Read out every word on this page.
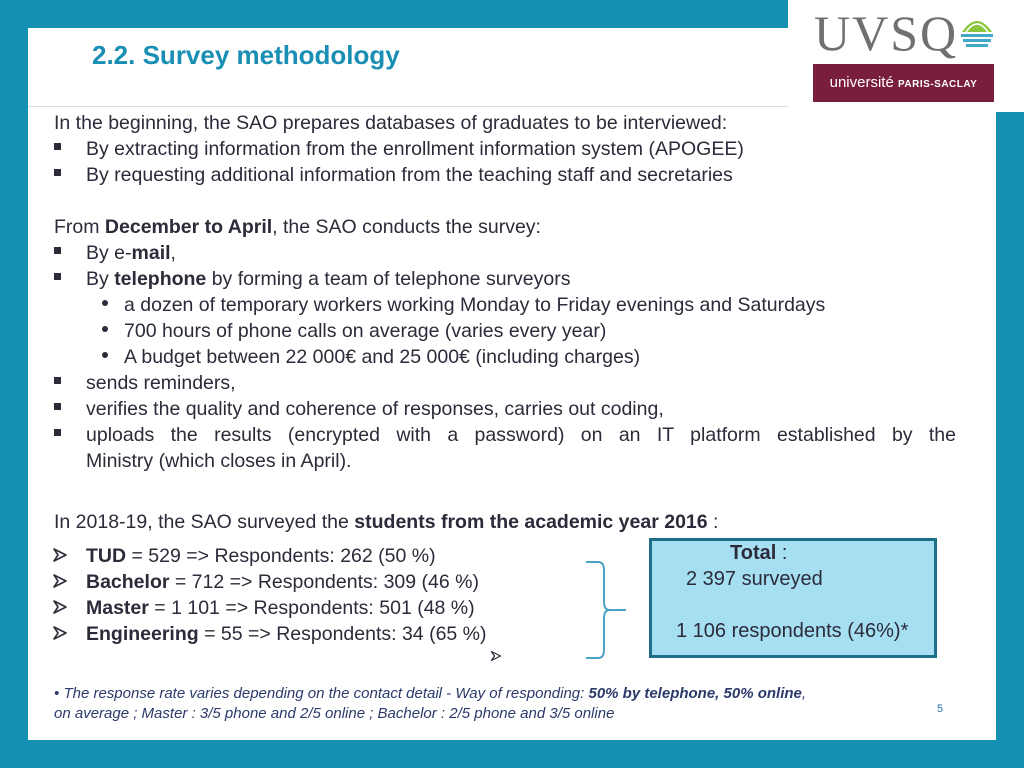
2.2. Survey methodology	UVSQ
université PARIS-SACLAY

In the beginning, the SAO prepares databases of graduates to be interviewed:

By extracting information from the enrollment information system (APOGEE)

By requesting additional information from the teaching staff and secretaries

From December to April, the SAO conducts the survey:

By e-mail,

By telephone by forming a team of telephone surveyors

a dozen of temporary workers working Monday to Friday evenings and Saturdays

700 hours of phone calls on average (varies every year)

A budget between 22 000€ and 25 000€ (including charges)

sends reminders,

verifies the quality and coherence of responses, carries out coding,

uploads the results (encrypted with a password) on an IT platform established by the

Ministry (which closes in April).

In 2018-19, the SAO surveyed the students from the academic year 2016 :

TUD = 529 => Respondents: 262 (50 %)

Bachelor = 712 => Respondents: 309 (46 %)

Master = 1 101 => Respondents: 501 (48 %)

Engineering = 55 => Respondents: 34 (65 %)

Total :
2 397 surveyed
1 106 respondents (46%)*
• The response rate varies depending on the contact detail - Way of responding: 50% by telephone, 50% online,
on average ; Master : 3/5 phone and 2/5 online ; Bachelor : 2/5 phone and 3/5 online	5
